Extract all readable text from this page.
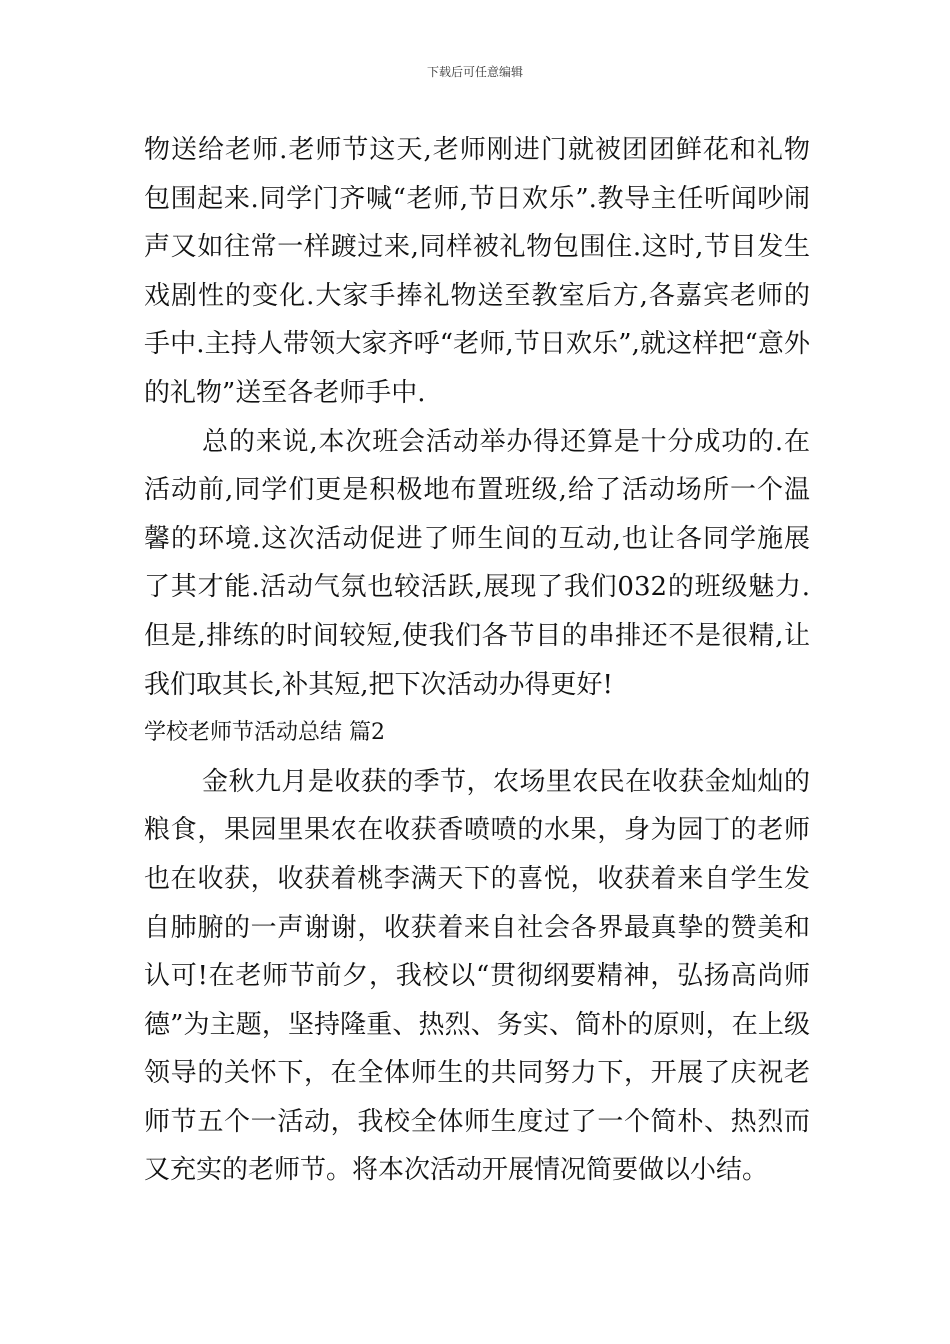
下载后可任意编辑

物送给老师.老师节这天,老师刚进门就被团团鲜花和礼物包围起来.同学门齐喊“老师,节日欢乐”.教导主任听闻吵闹声又如往常一样踱过来,同样被礼物包围住.这时,节目发生戏剧性的变化.大家手捧礼物送至教室后方,各嘉宾老师的手中.主持人带领大家齐呼“老师,节日欢乐”,就这样把“意外的礼物”送至各老师手中.

总的来说,本次班会活动举办得还算是十分成功的.在活动前,同学们更是积极地布置班级,给了活动场所一个温馨的环境.这次活动促进了师生间的互动,也让各同学施展了其才能.活动气氛也较活跃,展现了我们032的班级魅力.但是,排练的时间较短,使我们各节目的串排还不是很精,让我们取其长,补其短,把下次活动办得更好!

学校老师节活动总结 篇2

金秋九月是收获的季节，农场里农民在收获金灿灿的粮食，果园里果农在收获香喷喷的水果，身为园丁的老师也在收获，收获着桃李满天下的喜悦，收获着来自学生发自肺腑的一声谢谢，收获着来自社会各界最真挚的赞美和认可!在老师节前夕，我校以“贯彻纲要精神，弘扬高尚师德”为主题，坚持隆重、热烈、务实、简朴的原则，在上级领导的关怀下，在全体师生的共同努力下，开展了庆祝老师节五个一活动，我校全体师生度过了一个简朴、热烈而又充实的老师节。将本次活动开展情况简要做以小结。
